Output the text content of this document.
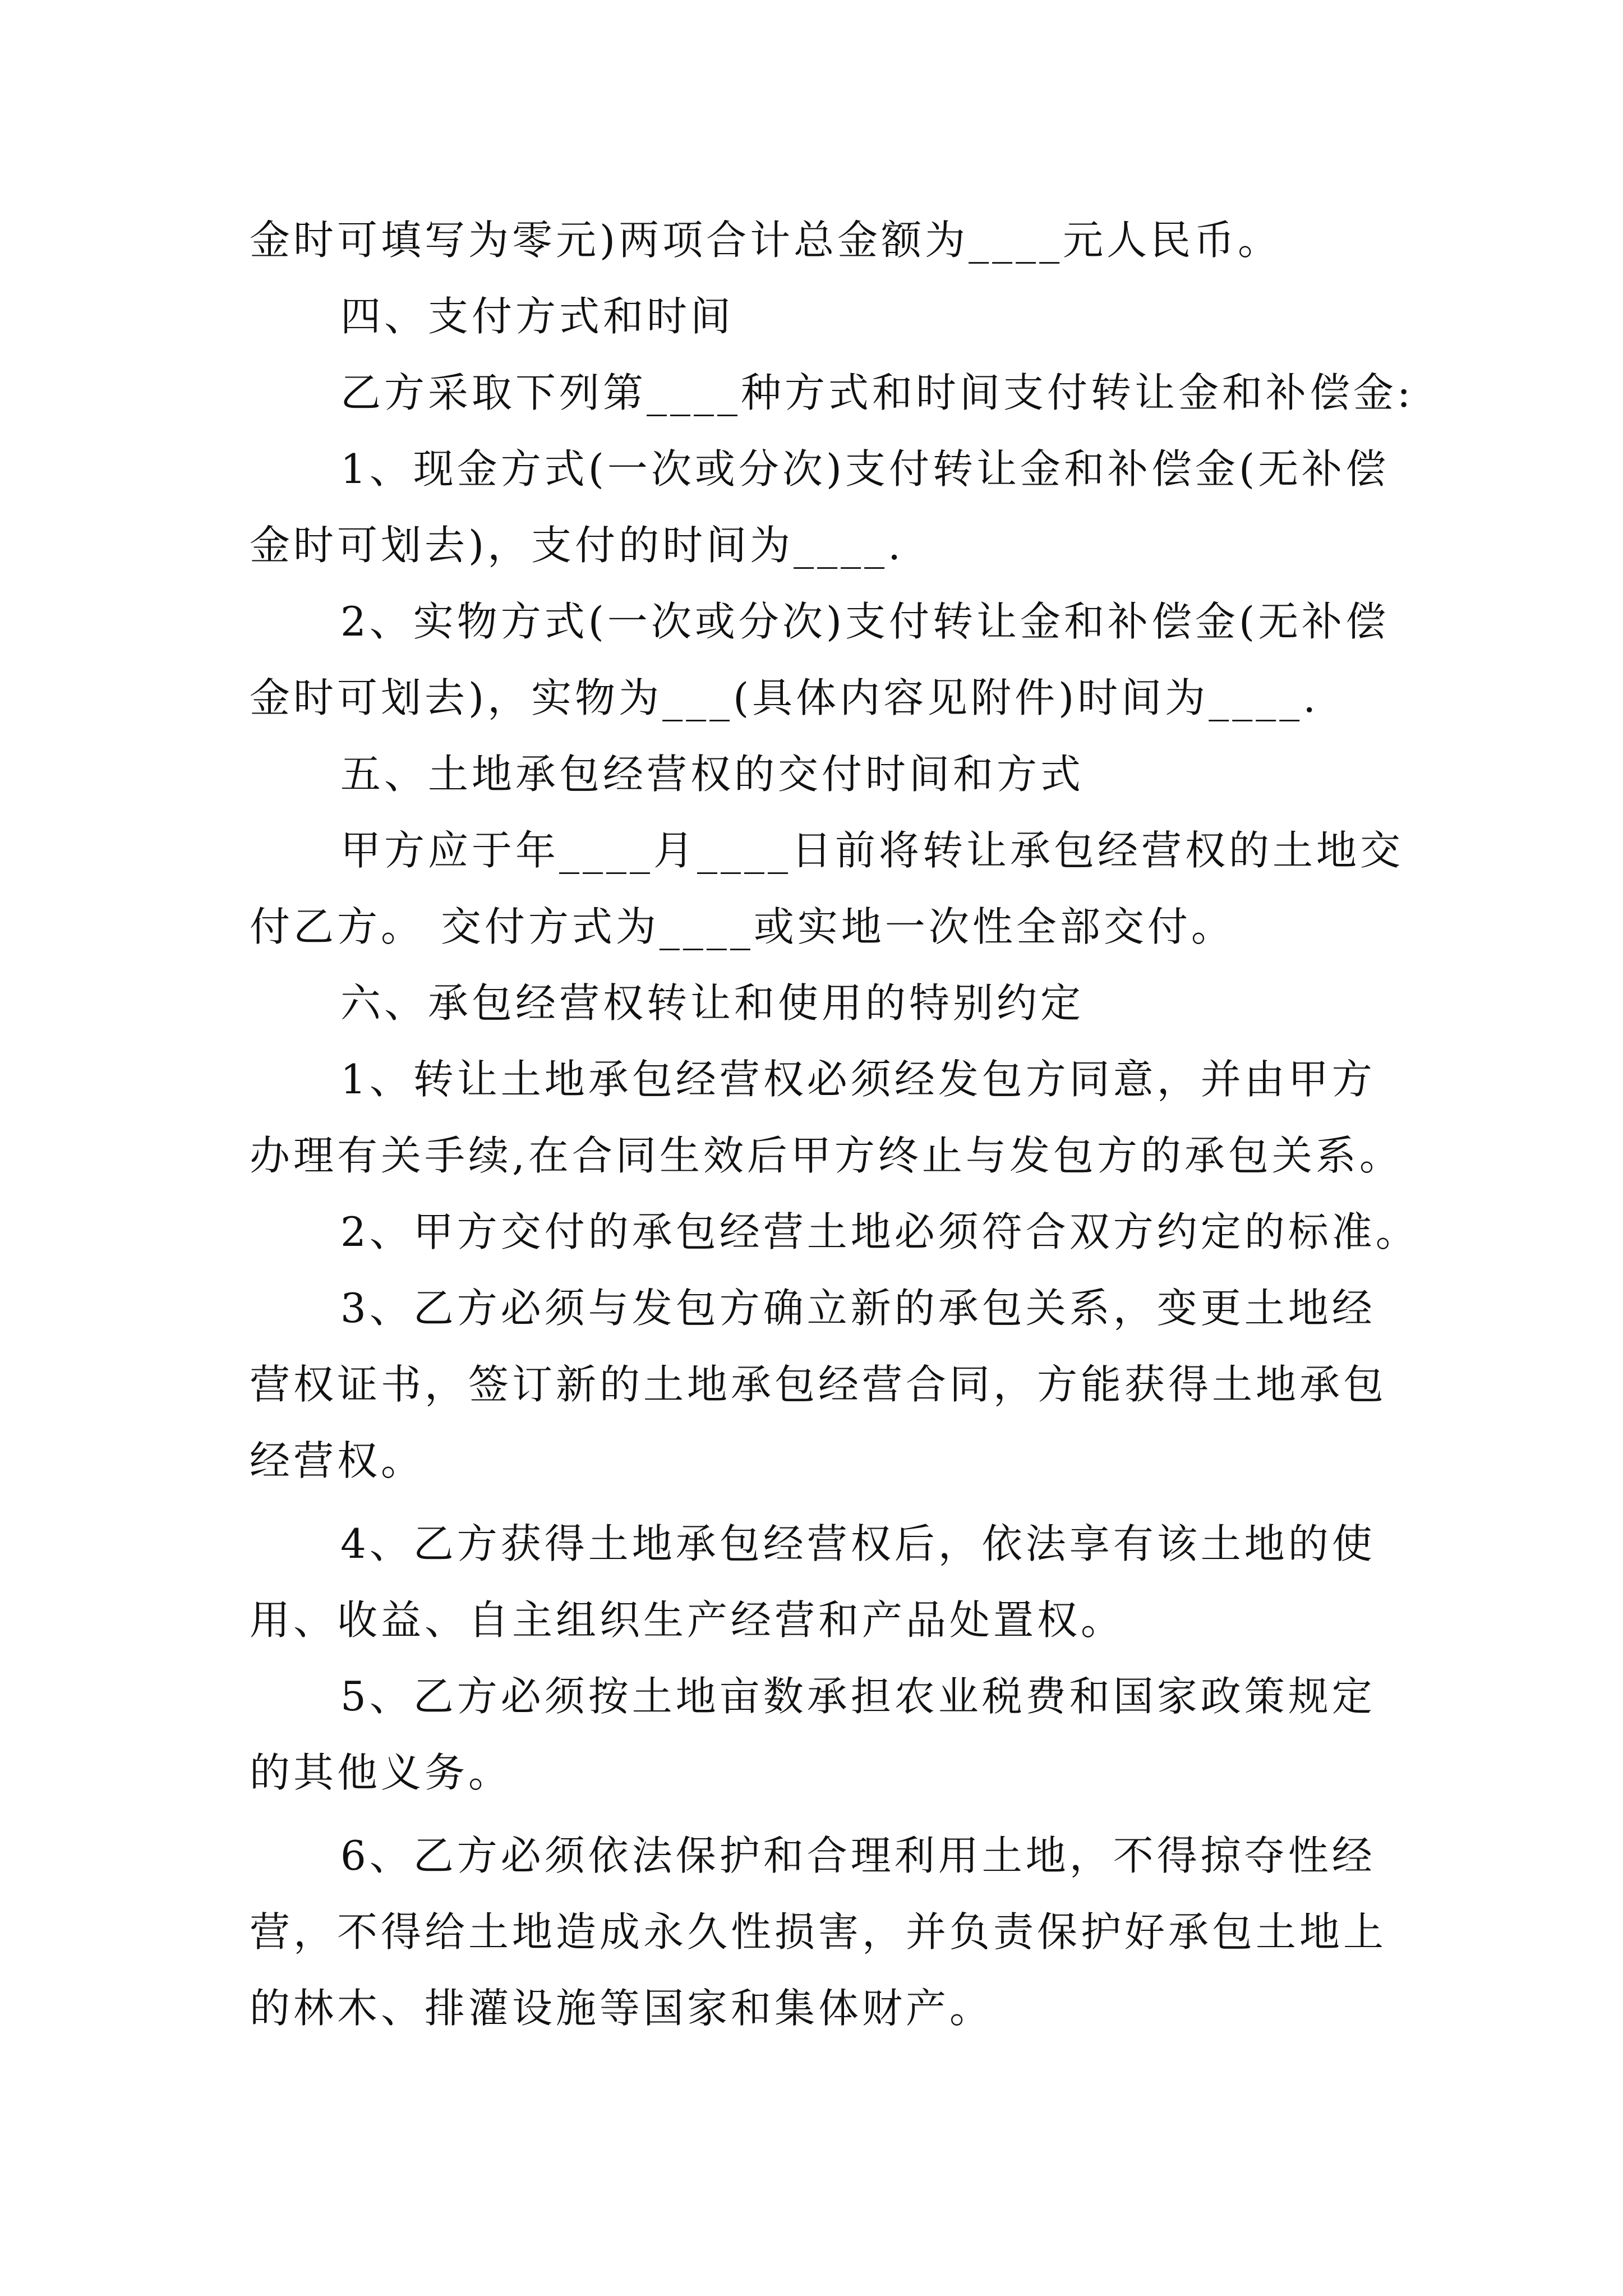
金时可填写为零元)两项合计总金额为____元人民币。
四、支付方式和时间
乙方采取下列第____种方式和时间支付转让金和补偿金:
1、现金方式(一次或分次)支付转让金和补偿金(无补偿
金时可划去)，支付的时间为____.
2、实物方式(一次或分次)支付转让金和补偿金(无补偿
金时可划去)，实物为___(具体内容见附件)时间为____.
五、土地承包经营权的交付时间和方式
甲方应于年____月____日前将转让承包经营权的土地交
付乙方。 交付方式为____或实地一次性全部交付。
六、承包经营权转让和使用的特别约定
1、转让土地承包经营权必须经发包方同意，并由甲方
办理有关手续,在合同生效后甲方终止与发包方的承包关系。
2、甲方交付的承包经营土地必须符合双方约定的标准。
3、乙方必须与发包方确立新的承包关系，变更土地经
营权证书，签订新的土地承包经营合同，方能获得土地承包
经营权。
4、乙方获得土地承包经营权后，依法享有该土地的使
用、收益、自主组织生产经营和产品处置权。
5、乙方必须按土地亩数承担农业税费和国家政策规定
的其他义务。
6、乙方必须依法保护和合理利用土地，不得掠夺性经
营，不得给土地造成永久性损害，并负责保护好承包土地上
的林木、排灌设施等国家和集体财产。
